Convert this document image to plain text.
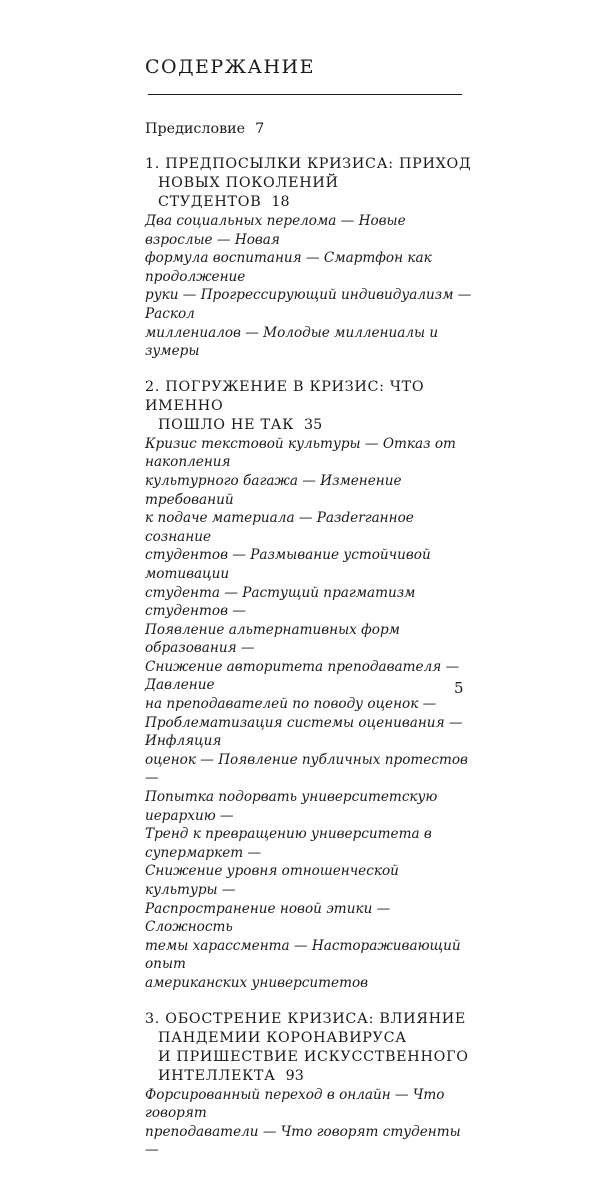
СОДЕРЖАНИЕ
Предисловие 7
1. ПРЕДПОСЫЛКИ КРИЗИСА: ПРИХОД
НОВЫХ ПОКОЛЕНИЙ СТУДЕНТОВ 18
Два социальных перелома — Новые взрослые — Новая
формула воспитания — Смартфон как продолжение
руки — Прогрессирующий индивидуализм — Раскол
миллениалов — Молодые миллениалы и зумеры
2. ПОГРУЖЕНИЕ В КРИЗИС: ЧТО ИМЕННО
ПОШЛО НЕ ТАК 35
Кризис текстовой культуры — Отказ от накопления
культурного багажа — Изменение требований
к подаче материала — Разderганное сознание
студентов — Размывание устойчивой мотивации
студента — Растущий прагматизм студентов —
Появление альтернативных форм образования —
Снижение авторитета преподавателя — Давление
на преподавателей по поводу оценок —
Проблематизация системы оценивания — Инфляция
оценок — Появление публичных протестов —
Попытка подорвать университетскую иерархию —
Тренд к превращению университета в супермаркет —
Снижение уровня отношенческой культуры —
Распространение новой этики — Сложность
темы харассмента — Настораживающий опыт
американских университетов
3. ОБОСТРЕНИЕ КРИЗИСА: ВЛИЯНИЕ
ПАНДЕМИИ КОРОНАВИРУСА
И ПРИШЕСТВИЕ ИСКУССТВЕННОГО
ИНТЕЛЛЕКТА 93
Форсированный переход в онлайн — Что говорят
преподаватели — Что говорят студенты —
5
